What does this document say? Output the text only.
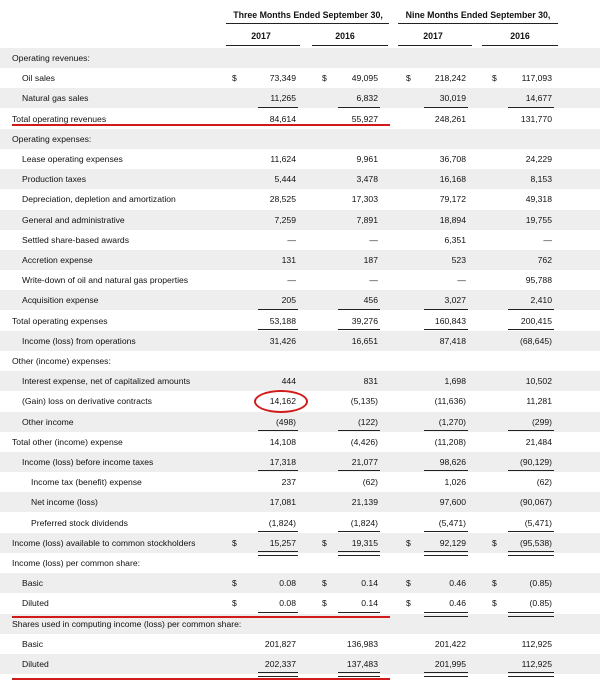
Three Months Ended September 30,	Nine Months Ended September 30,
2017	2016	2017	2016
Operating revenues:
Oil sales	$	73,349	$	49,095	$	218,242	$	117,093
Natural gas sales	11,265	6,832	30,019	14,677
Total operating revenues	84,614	55,927	248,261	131,770
Operating expenses:
Lease operating expenses	11,624	9,961	36,708	24,229
Production taxes	5,444	3,478	16,168	8,153
Depreciation, depletion and amortization	28,525	17,303	79,172	49,318
General and administrative	7,259	7,891	18,894	19,755
Settled share-based awards	—	—	6,351	—
Accretion expense	131	187	523	762
Write-down of oil and natural gas properties	—	—	—	95,788
Acquisition expense	205	456	3,027	2,410
Total operating expenses	53,188	39,276	160,843	200,415
Income (loss) from operations	31,426	16,651	87,418	(68,645)
Other (income) expenses:
Interest expense, net of capitalized amounts	444	831	1,698	10,502
(Gain) loss on derivative contracts	14,162	(5,135)	(11,636)	11,281
Other income	(498)	(122)	(1,270)	(299)
Total other (income) expense	14,108	(4,426)	(11,208)	21,484
Income (loss) before income taxes	17,318	21,077	98,626	(90,129)
Income tax (benefit) expense	237	(62)	1,026	(62)
Net income (loss)	17,081	21,139	97,600	(90,067)
Preferred stock dividends	(1,824)	(1,824)	(5,471)	(5,471)
Income (loss) available to common stockholders	$	15,257	$	19,315	$	92,129	$	(95,538)
Income (loss) per common share:
Basic	$	0.08	$	0.14	$	0.46	$	(0.85)
Diluted	$	0.08	$	0.14	$	0.46	$	(0.85)
Shares used in computing income (loss) per common share:
Basic	201,827	136,983	201,422	112,925
Diluted	202,337	137,483	201,995	112,925
